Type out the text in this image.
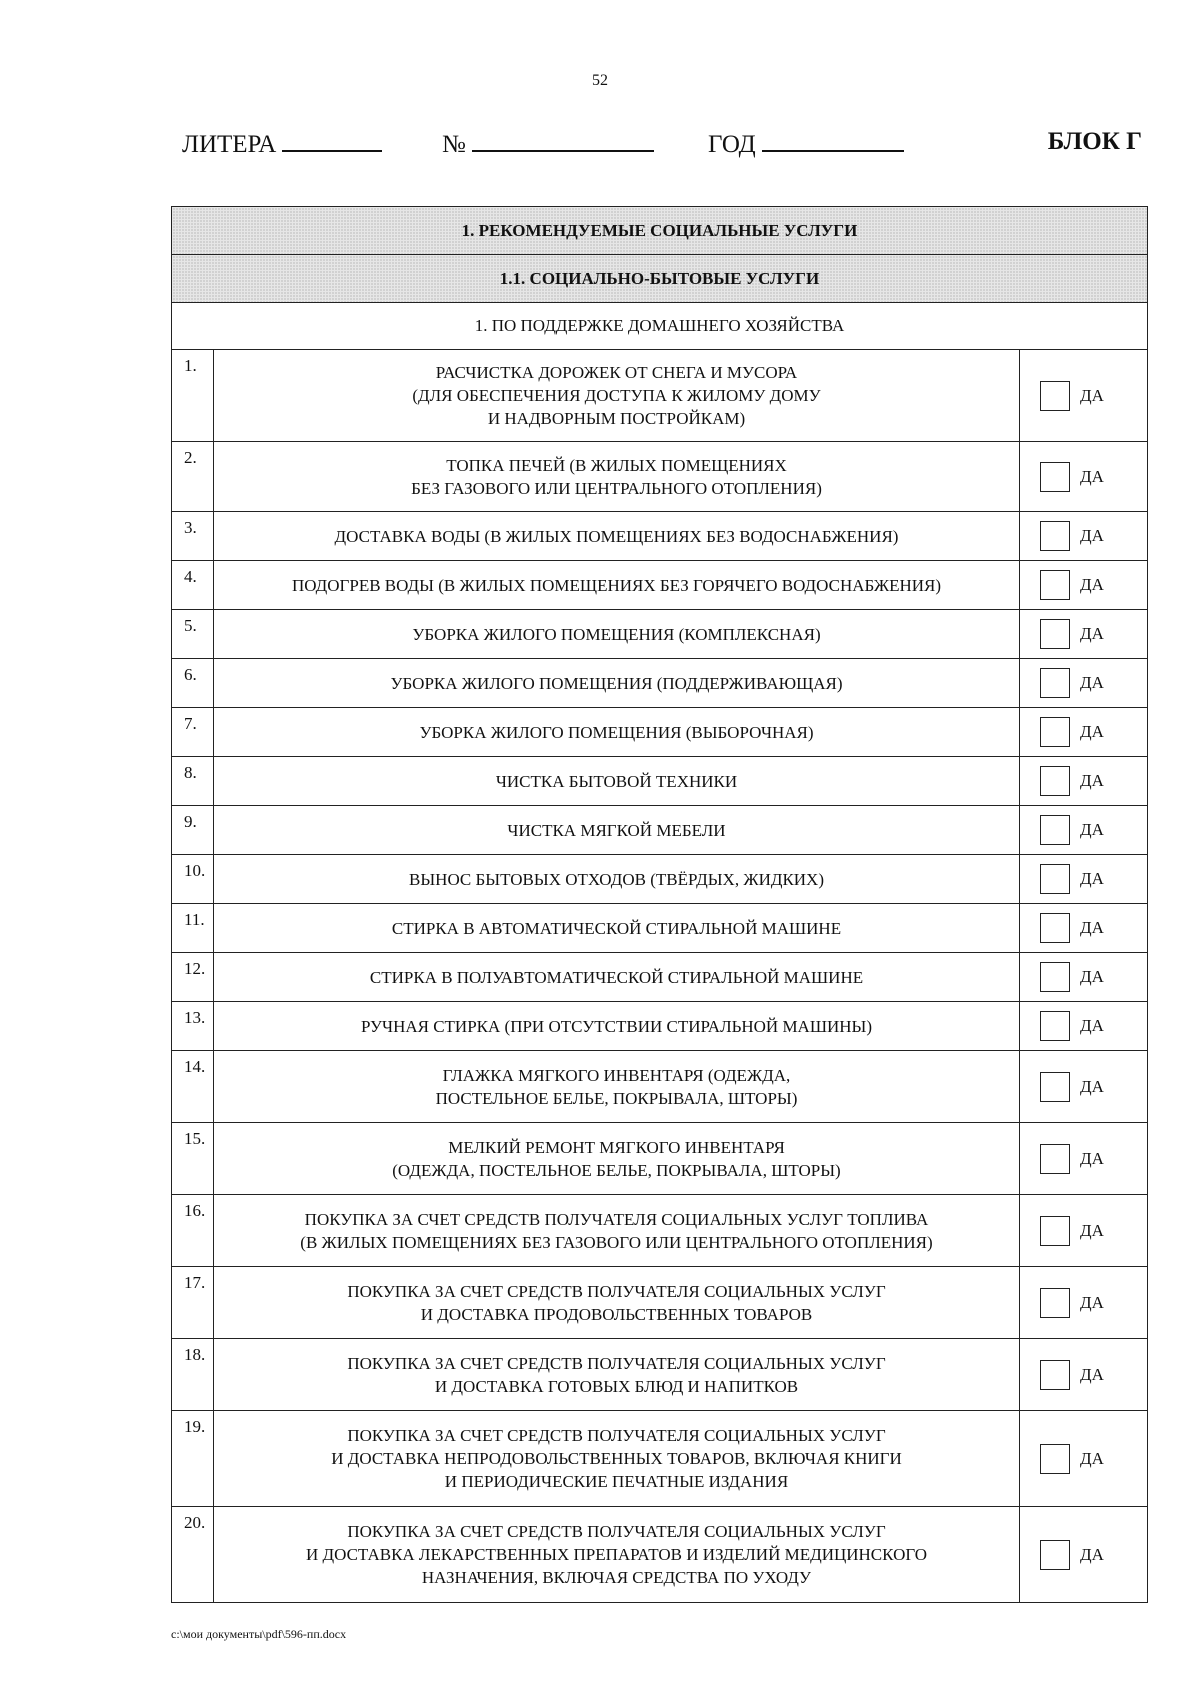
52
ЛИТЕРА	№	ГОД	БЛОК Г
1. РЕКОМЕНДУЕМЫЕ СОЦИАЛЬНЫЕ УСЛУГИ		
1.1. СОЦИАЛЬНО-БЫТОВЫЕ УСЛУГИ		
1. ПО ПОДДЕРЖКЕ ДОМАШНЕГО ХОЗЯЙСТВА		
1.	РАСЧИСТКА ДОРОЖЕК ОТ СНЕГА И МУСОРА
(ДЛЯ ОБЕСПЕЧЕНИЯ ДОСТУПА К ЖИЛОМУ ДОМУ
И НАДВОРНЫМ ПОСТРОЙКАМ)	ДА

2.	ТОПКА ПЕЧЕЙ (В ЖИЛЫХ ПОМЕЩЕНИЯХ
БЕЗ ГАЗОВОГО ИЛИ ЦЕНТРАЛЬНОГО ОТОПЛЕНИЯ)	ДА

3.	ДОСТАВКА ВОДЫ (В ЖИЛЫХ ПОМЕЩЕНИЯХ БЕЗ ВОДОСНАБЖЕНИЯ)	ДА

4.	ПОДОГРЕВ ВОДЫ (В ЖИЛЫХ ПОМЕЩЕНИЯХ БЕЗ ГОРЯЧЕГО ВОДОСНАБЖЕНИЯ)	ДА

5.	УБОРКА ЖИЛОГО ПОМЕЩЕНИЯ (КОМПЛЕКСНАЯ)	ДА

6.	УБОРКА ЖИЛОГО ПОМЕЩЕНИЯ (ПОДДЕРЖИВАЮЩАЯ)	ДА

7.	УБОРКА ЖИЛОГО ПОМЕЩЕНИЯ (ВЫБОРОЧНАЯ)	ДА

8.	ЧИСТКА БЫТОВОЙ ТЕХНИКИ	ДА

9.	ЧИСТКА МЯГКОЙ МЕБЕЛИ	ДА

10.	ВЫНОС БЫТОВЫХ ОТХОДОВ (ТВЁРДЫХ, ЖИДКИХ)	ДА

11.	СТИРКА В АВТОМАТИЧЕСКОЙ СТИРАЛЬНОЙ МАШИНЕ	ДА

12.	СТИРКА В ПОЛУАВТОМАТИЧЕСКОЙ СТИРАЛЬНОЙ МАШИНЕ	ДА

13.	РУЧНАЯ СТИРКА (ПРИ ОТСУТСТВИИ СТИРАЛЬНОЙ МАШИНЫ)	ДА

14.	ГЛАЖКА МЯГКОГО ИНВЕНТАРЯ (ОДЕЖДА,
ПОСТЕЛЬНОЕ БЕЛЬЕ, ПОКРЫВАЛА, ШТОРЫ)	ДА

15.	МЕЛКИЙ РЕМОНТ МЯГКОГО ИНВЕНТАРЯ
(ОДЕЖДА, ПОСТЕЛЬНОЕ БЕЛЬЕ, ПОКРЫВАЛА, ШТОРЫ)	ДА

16.	ПОКУПКА ЗА СЧЕТ СРЕДСТВ ПОЛУЧАТЕЛЯ СОЦИАЛЬНЫХ УСЛУГ ТОПЛИВА
(В ЖИЛЫХ ПОМЕЩЕНИЯХ БЕЗ ГАЗОВОГО ИЛИ ЦЕНТРАЛЬНОГО ОТОПЛЕНИЯ)	ДА

17.	ПОКУПКА ЗА СЧЕТ СРЕДСТВ ПОЛУЧАТЕЛЯ СОЦИАЛЬНЫХ УСЛУГ
И ДОСТАВКА ПРОДОВОЛЬСТВЕННЫХ ТОВАРОВ	ДА

18.	ПОКУПКА ЗА СЧЕТ СРЕДСТВ ПОЛУЧАТЕЛЯ СОЦИАЛЬНЫХ УСЛУГ
И ДОСТАВКА ГОТОВЫХ БЛЮД И НАПИТКОВ	ДА

19.	ПОКУПКА ЗА СЧЕТ СРЕДСТВ ПОЛУЧАТЕЛЯ СОЦИАЛЬНЫХ УСЛУГ
И ДОСТАВКА НЕПРОДОВОЛЬСТВЕННЫХ ТОВАРОВ, ВКЛЮЧАЯ КНИГИ
И ПЕРИОДИЧЕСКИЕ ПЕЧАТНЫЕ ИЗДАНИЯ	ДА

20.	ПОКУПКА ЗА СЧЕТ СРЕДСТВ ПОЛУЧАТЕЛЯ СОЦИАЛЬНЫХ УСЛУГ
И ДОСТАВКА ЛЕКАРСТВЕННЫХ ПРЕПАРАТОВ И ИЗДЕЛИЙ МЕДИЦИНСКОГО
НАЗНАЧЕНИЯ, ВКЛЮЧАЯ СРЕДСТВА ПО УХОДУ	ДА
c:\мои документы\pdf\596-пп.docx
